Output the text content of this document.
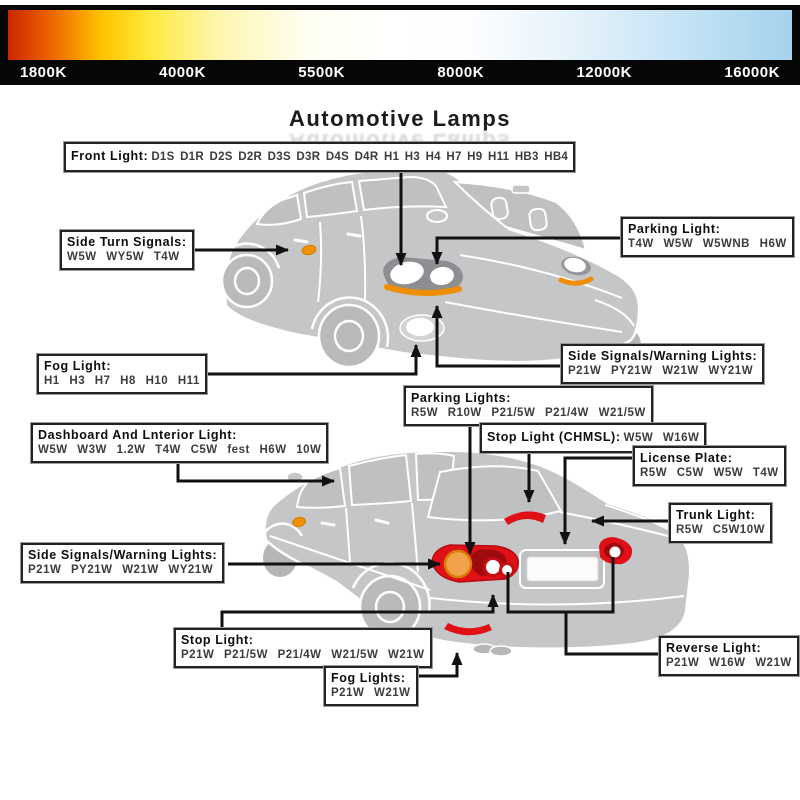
1800K	4000K	5500K	8000K	12000K	16000K
Automotive Lamps
Front Light: D1S D1R D2S D2R D3S D3R D4S D4R H1 H3 H4 H7 H9 H11 HB3 HB4
Side Turn Signals:
W5W WY5W T4W
Parking Light:
T4W W5W W5WNB H6W
Fog Light:
H1 H3 H7 H8 H10 H11
Side Signals/Warning Lights:
P21W PY21W W21W WY21W
Parking Lights:
R5W R10W P21/5W P21/4W W21/5W
Stop Light (CHMSL): W5W W16W
Dashboard And Lnterior Light:
W5W W3W 1.2W T4W C5W fest H6W 10W
License Plate:
R5W C5W W5W T4W
Trunk Light:
R5W C5W10W
Side Signals/Warning Lights:
P21W PY21W W21W WY21W
Stop Light:
P21W P21/5W P21/4W W21/5W W21W
Fog Lights:
P21W W21W
Reverse Light:
P21W W16W W21W
